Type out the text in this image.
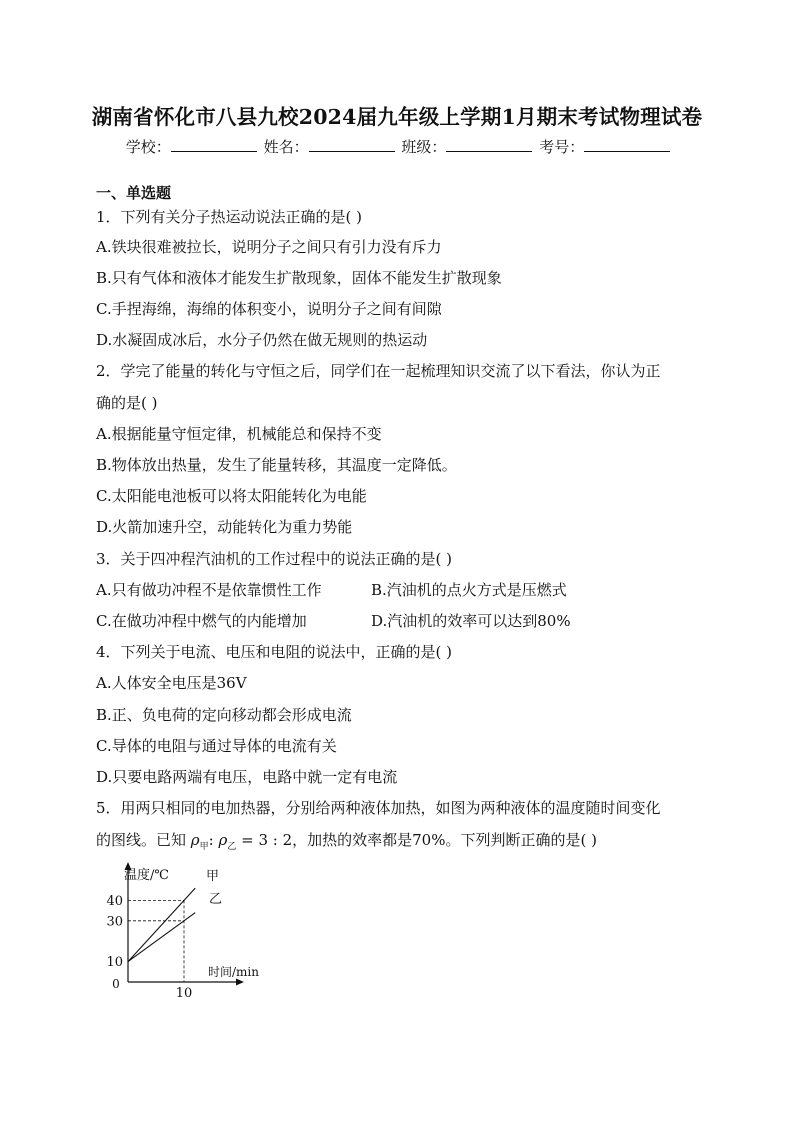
湖南省怀化市八县九校2024届九年级上学期1月期末考试物理试卷
学校：	姓名：	班级：	考号：
一、单选题
1．下列有关分子热运动说法正确的是( )
A.铁块很难被拉长，说明分子之间只有引力没有斥力
B.只有气体和液体才能发生扩散现象，固体不能发生扩散现象
C.手捏海绵，海绵的体积变小，说明分子之间有间隙
D.水凝固成冰后，水分子仍然在做无规则的热运动
2．学完了能量的转化与守恒之后，同学们在一起梳理知识交流了以下看法，你认为正
确的是( )
A.根据能量守恒定律，机械能总和保持不变
B.物体放出热量，发生了能量转移，其温度一定降低。
C.太阳能电池板可以将太阳能转化为电能
D.火箭加速升空，动能转化为重力势能
3．关于四冲程汽油机的工作过程中的说法正确的是( )
A.只有做功冲程不是依靠惯性工作	B.汽油机的点火方式是压燃式
C.在做功冲程中燃气的内能增加	D.汽油机的效率可以达到80%
4．下列关于电流、电压和电阻的说法中，正确的是( )
A.人体安全电压是36V
B.正、负电荷的定向移动都会形成电流
C.导体的电阻与通过导体的电流有关
D.只要电路两端有电压，电路中就一定有电流
5．用两只相同的电加热器，分别给两种液体加热，如图为两种液体的温度随时间变化
的图线。已知 $\rho_甲$: $\rho_乙 = 3$ : 2，加热的效率都是70%。下列判断正确的是( )
温度/℃
时间/min
0
40
30
10
10
甲
乙
